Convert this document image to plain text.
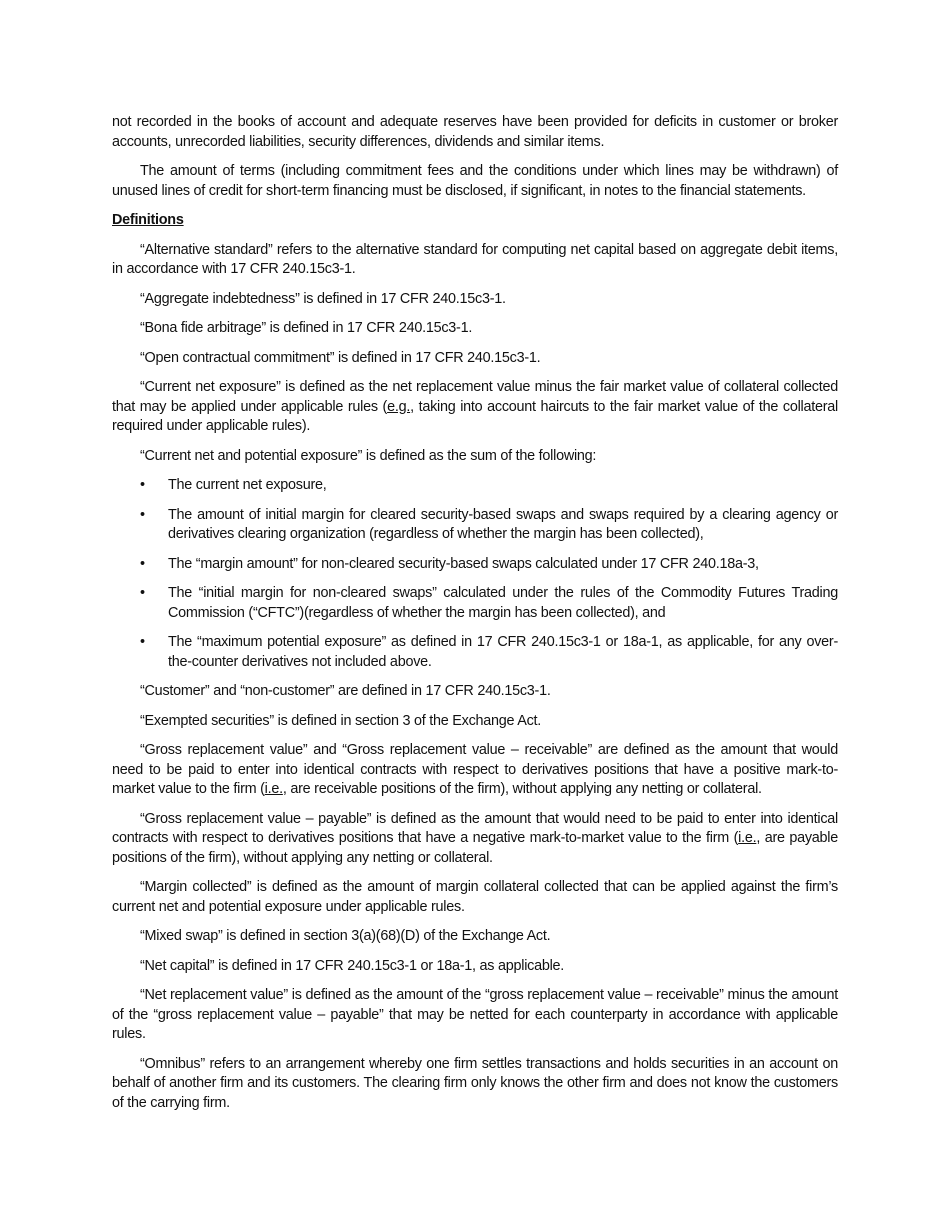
not recorded in the books of account and adequate reserves have been provided for deficits in customer or broker accounts, unrecorded liabilities, security differences, dividends and similar items.

The amount of terms (including commitment fees and the conditions under which lines may be withdrawn) of unused lines of credit for short-term financing must be disclosed, if significant, in notes to the financial statements.

Definitions

“Alternative standard” refers to the alternative standard for computing net capital based on aggregate debit items, in accordance with 17 CFR 240.15c3-1.

“Aggregate indebtedness” is defined in 17 CFR 240.15c3-1.

“Bona fide arbitrage” is defined in 17 CFR 240.15c3-1.

“Open contractual commitment” is defined in 17 CFR 240.15c3-1.

“Current net exposure” is defined as the net replacement value minus the fair market value of collateral collected that may be applied under applicable rules (e.g., taking into account haircuts to the fair market value of the collateral required under applicable rules).

“Current net and potential exposure” is defined as the sum of the following:

• The current net exposure,
• The amount of initial margin for cleared security-based swaps and swaps required by a clearing agency or derivatives clearing organization (regardless of whether the margin has been collected),
• The “margin amount” for non-cleared security-based swaps calculated under 17 CFR 240.18a-3,
• The “initial margin for non-cleared swaps” calculated under the rules of the Commodity Futures Trading Commission (“CFTC”)(regardless of whether the margin has been collected), and
• The “maximum potential exposure” as defined in 17 CFR 240.15c3-1 or 18a-1, as applicable, for any over-the-counter derivatives not included above.

“Customer” and “non-customer” are defined in 17 CFR 240.15c3-1.

“Exempted securities” is defined in section 3 of the Exchange Act.

“Gross replacement value” and “Gross replacement value – receivable” are defined as the amount that would need to be paid to enter into identical contracts with respect to derivatives positions that have a positive mark-to-market value to the firm (i.e., are receivable positions of the firm), without applying any netting or collateral.

“Gross replacement value – payable” is defined as the amount that would need to be paid to enter into identical contracts with respect to derivatives positions that have a negative mark-to-market value to the firm (i.e., are payable positions of the firm), without applying any netting or collateral.

“Margin collected” is defined as the amount of margin collateral collected that can be applied against the firm’s current net and potential exposure under applicable rules.

“Mixed swap” is defined in section 3(a)(68)(D) of the Exchange Act.

“Net capital” is defined in 17 CFR 240.15c3-1 or 18a-1, as applicable.

“Net replacement value” is defined as the amount of the “gross replacement value – receivable” minus the amount of the “gross replacement value – payable” that may be netted for each counterparty in accordance with applicable rules.

“Omnibus” refers to an arrangement whereby one firm settles transactions and holds securities in an account on behalf of another firm and its customers. The clearing firm only knows the other firm and does not know the customers of the carrying firm.
